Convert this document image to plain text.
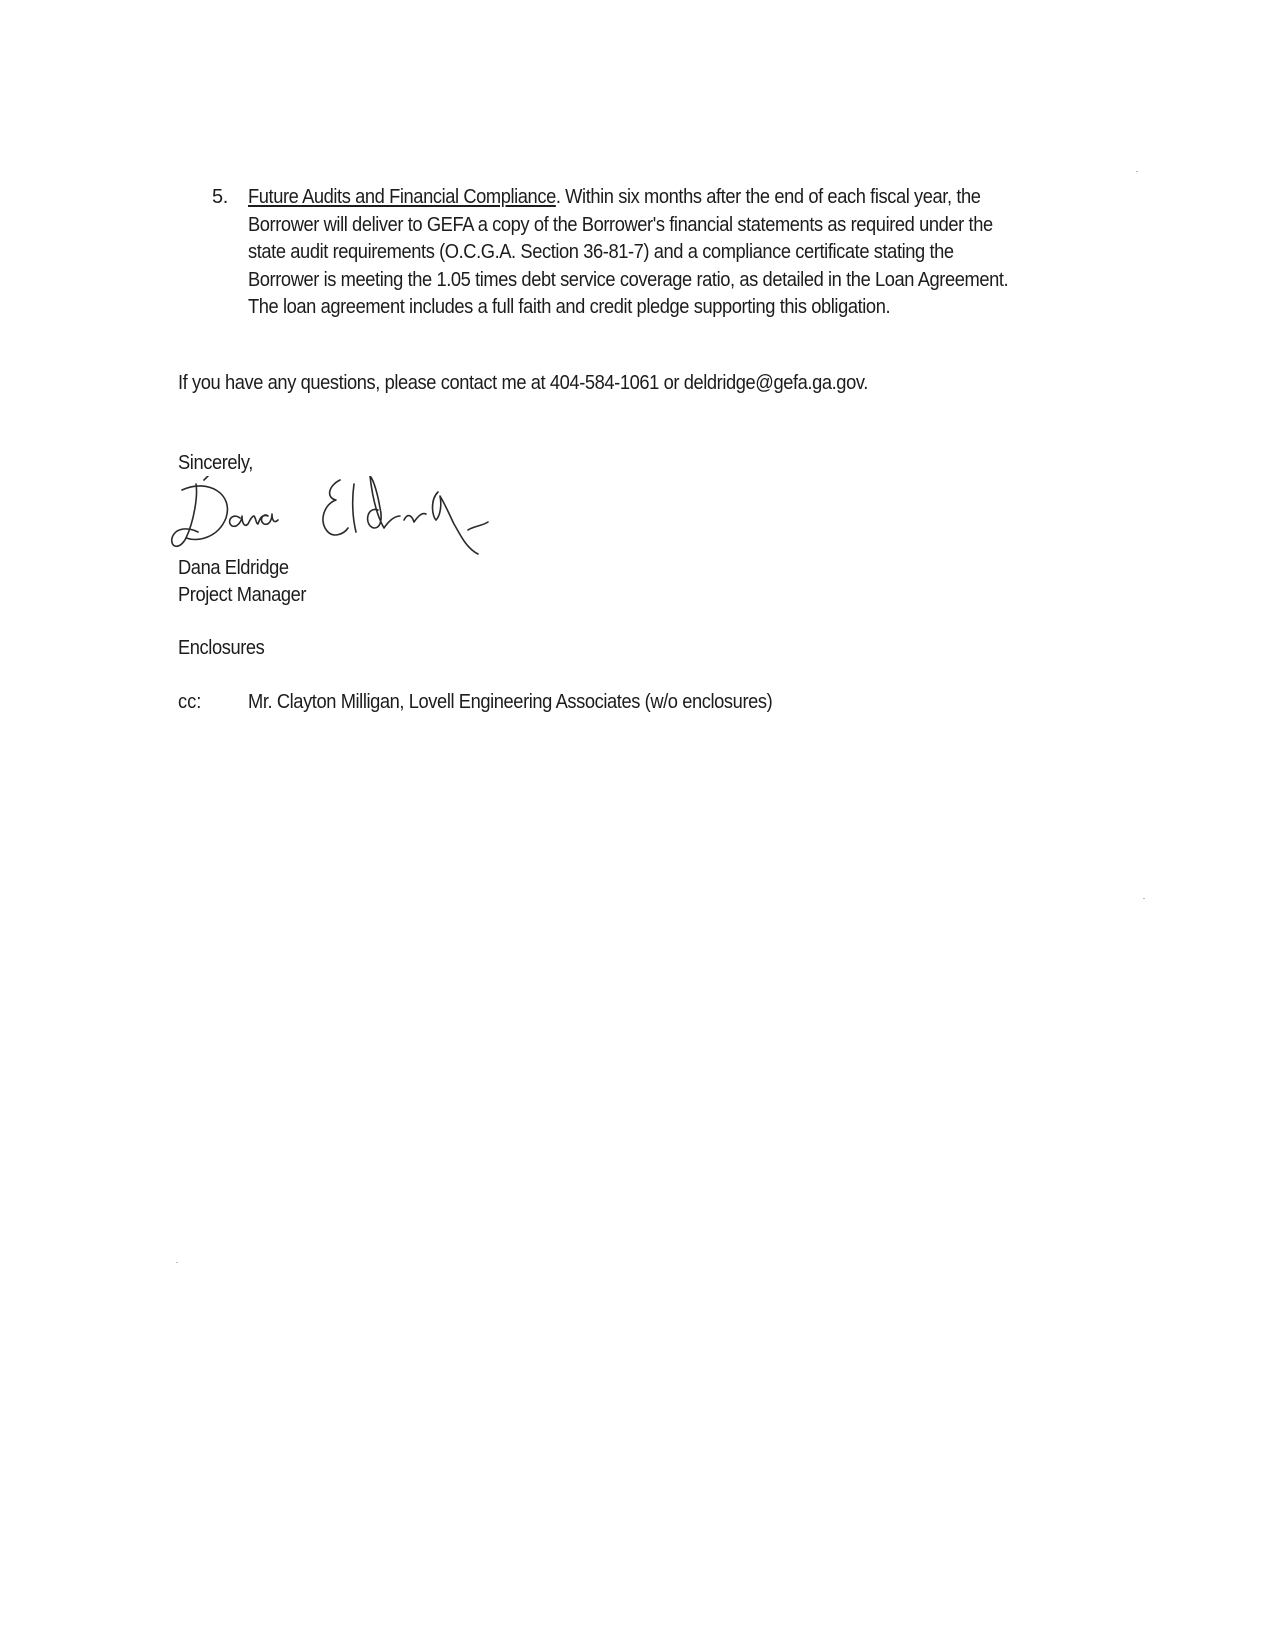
5.	Future Audits and Financial Compliance. Within six months after the end of each fiscal year, the
Borrower will deliver to GEFA a copy of the Borrower's financial statements as required under the
state audit requirements (O.C.G.A. Section 36-81-7) and a compliance certificate stating the
Borrower is meeting the 1.05 times debt service coverage ratio, as detailed in the Loan Agreement.
The loan agreement includes a full faith and credit pledge supporting this obligation.
If you have any questions, please contact me at 404-584-1061 or deldridge@gefa.ga.gov.
Sincerely,
Dana Eldridge
Project Manager
Enclosures
cc: Mr. Clayton Milligan, Lovell Engineering Associates (w/o enclosures)
